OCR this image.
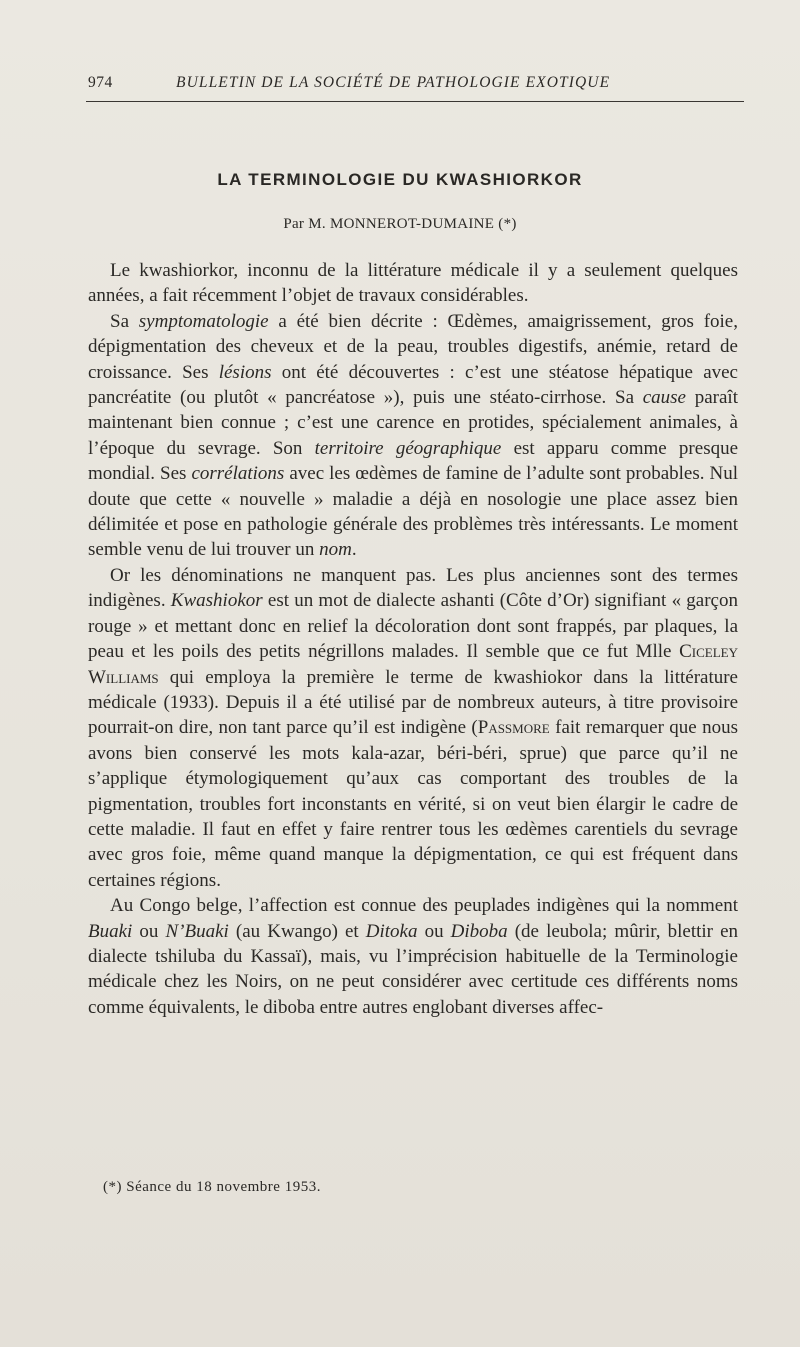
974	BULLETIN DE LA SOCIÉTÉ DE PATHOLOGIE EXOTIQUE
LA TERMINOLOGIE DU KWASHIORKOR
Par M. MONNEROT-DUMAINE (*)

Le kwashiorkor, inconnu de la littérature médicale il y a seulement quelques années, a fait récemment l’objet de travaux considérables.

Sa symptomatologie a été bien décrite : Œdèmes, amaigrissement, gros foie, dépigmentation des cheveux et de la peau, troubles digestifs, anémie, retard de croissance. Ses lésions ont été découvertes : c’est une stéatose hépatique avec pancréatite (ou plutôt « pancréatose »), puis une stéato-cirrhose. Sa cause paraît maintenant bien connue ; c’est une carence en protides, spécialement animales, à l’époque du sevrage. Son territoire géographique est apparu comme presque mondial. Ses corrélations avec les œdèmes de famine de l’adulte sont probables. Nul doute que cette « nouvelle » maladie a déjà en nosologie une place assez bien délimitée et pose en pathologie générale des problèmes très intéressants. Le moment semble venu de lui trouver un nom.

Or les dénominations ne manquent pas. Les plus anciennes sont des termes indigènes. Kwashiokor est un mot de dialecte ashanti (Côte d’Or) signifiant « garçon rouge » et mettant donc en relief la décoloration dont sont frappés, par plaques, la peau et les poils des petits négrillons malades. Il semble que ce fut Mlle Ciceley Williams qui employa la première le terme de kwashiokor dans la littérature médicale (1933). Depuis il a été utilisé par de nombreux auteurs, à titre provisoire pourrait-on dire, non tant parce qu’il est indigène (Passmore fait remarquer que nous avons bien conservé les mots kala-azar, béri-béri, sprue) que parce qu’il ne s’applique étymologiquement qu’aux cas comportant des troubles de la pigmentation, troubles fort inconstants en vérité, si on veut bien élargir le cadre de cette maladie. Il faut en effet y faire rentrer tous les œdèmes carentiels du sevrage avec gros foie, même quand manque la dépigmentation, ce qui est fréquent dans certaines régions.

Au Congo belge, l’affection est connue des peuplades indigènes qui la nomment Buaki ou N’Buaki (au Kwango) et Ditoka ou Diboba (de leubola; mûrir, blettir en dialecte tshiluba du Kassaï), mais, vu l’imprécision habituelle de la Terminologie médicale chez les Noirs, on ne peut considérer avec certitude ces différents noms comme équivalents, le diboba entre autres englobant diverses affec-

(*) Séance du 18 novembre 1953.
